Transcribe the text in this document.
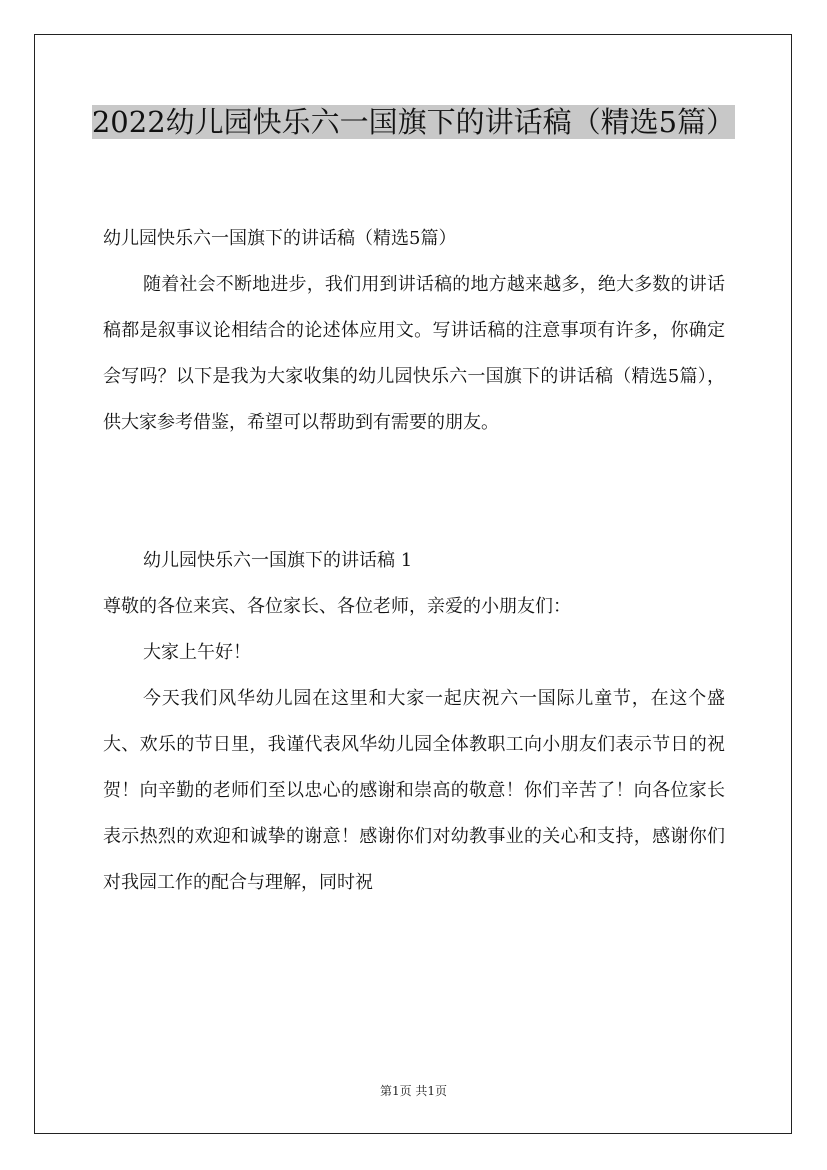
2022幼儿园快乐六一国旗下的讲话稿（精选5篇）

幼儿园快乐六一国旗下的讲话稿（精选5篇）

随着社会不断地进步，我们用到讲话稿的地方越来越多，绝大多数的讲话稿都是叙事议论相结合的论述体应用文。写讲话稿的注意事项有许多，你确定会写吗？以下是我为大家收集的幼儿园快乐六一国旗下的讲话稿（精选5篇），供大家参考借鉴，希望可以帮助到有需要的朋友。

幼儿园快乐六一国旗下的讲话稿 1

尊敬的各位来宾、各位家长、各位老师，亲爱的小朋友们：

大家上午好！

今天我们风华幼儿园在这里和大家一起庆祝六一国际儿童节，在这个盛大、欢乐的节日里，我谨代表风华幼儿园全体教职工向小朋友们表示节日的祝贺！向辛勤的老师们至以忠心的感谢和崇高的敬意！你们辛苦了！向各位家长表示热烈的欢迎和诚挚的谢意！感谢你们对幼教事业的关心和支持，感谢你们对我园工作的配合与理解，同时祝

第1页 共1页
